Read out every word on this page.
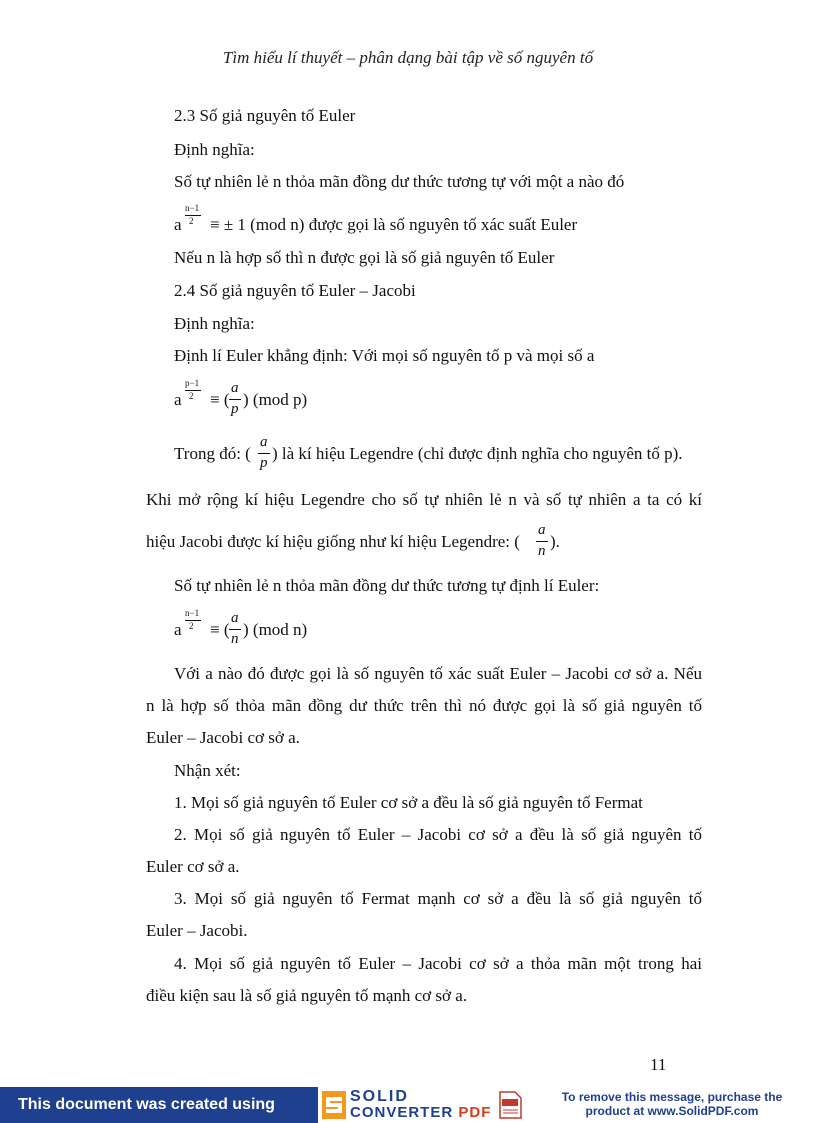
Tìm hiểu lí thuyết – phân dạng bài tập về số nguyên tố
2.3 Số giả nguyên tố Euler
Định nghĩa:
Số tự nhiên lẻ n thỏa mãn đồng dư thức tương tự với một a nào đó
a
n−1
2 ≡ ± 1 (mod n) được gọi là số nguyên tố xác suất Euler
Nếu n là hợp số thì n được gọi là số giả nguyên tố Euler
2.4 Số giả nguyên tố Euler – Jacobi
Định nghĩa:
Định lí Euler khẳng định: Với mọi số nguyên tố p và mọi số a
a
p−1
2 ≡ (
a
p ) (mod p)
Trong đó: (
a
p ) là kí hiệu Legendre (chỉ được định nghĩa cho nguyên tố p).
Khi mở rộng kí hiệu Legendre cho số tự nhiên lẻ n và số tự nhiên a ta có kí
hiệu Jacobi được kí hiệu giống như kí hiệu Legendre: (
a
n ).
Số tự nhiên lẻ n thỏa mãn đồng dư thức tương tự định lí Euler:
a
n−1
2 ≡ (
a
n ) (mod n)
Với a nào đó được gọi là số nguyên tố xác suất Euler – Jacobi cơ sở a. Nếu
n là hợp số thỏa mãn đồng dư thức trên thì nó được gọi là số giả nguyên tố
Euler – Jacobi cơ sở a.
Nhận xét:
1. Mọi số giả nguyên tố Euler cơ sở a đều là số giả nguyên tố Fermat
2. Mọi số giả nguyên tố Euler – Jacobi cơ sở a đều là số giả nguyên tố
Euler cơ sở a.
3. Mọi số giả nguyên tố Fermat mạnh cơ sở a đều là số giả nguyên tố
Euler – Jacobi.
4. Mọi số giả nguyên tố Euler – Jacobi cơ sở a thỏa mãn một trong hai
điều kiện sau là số giả nguyên tố mạnh cơ sở a.
11
This document was created using	SOLID
CONVERTER PDF
To remove this message, purchase the
product at www.SolidPDF.com
